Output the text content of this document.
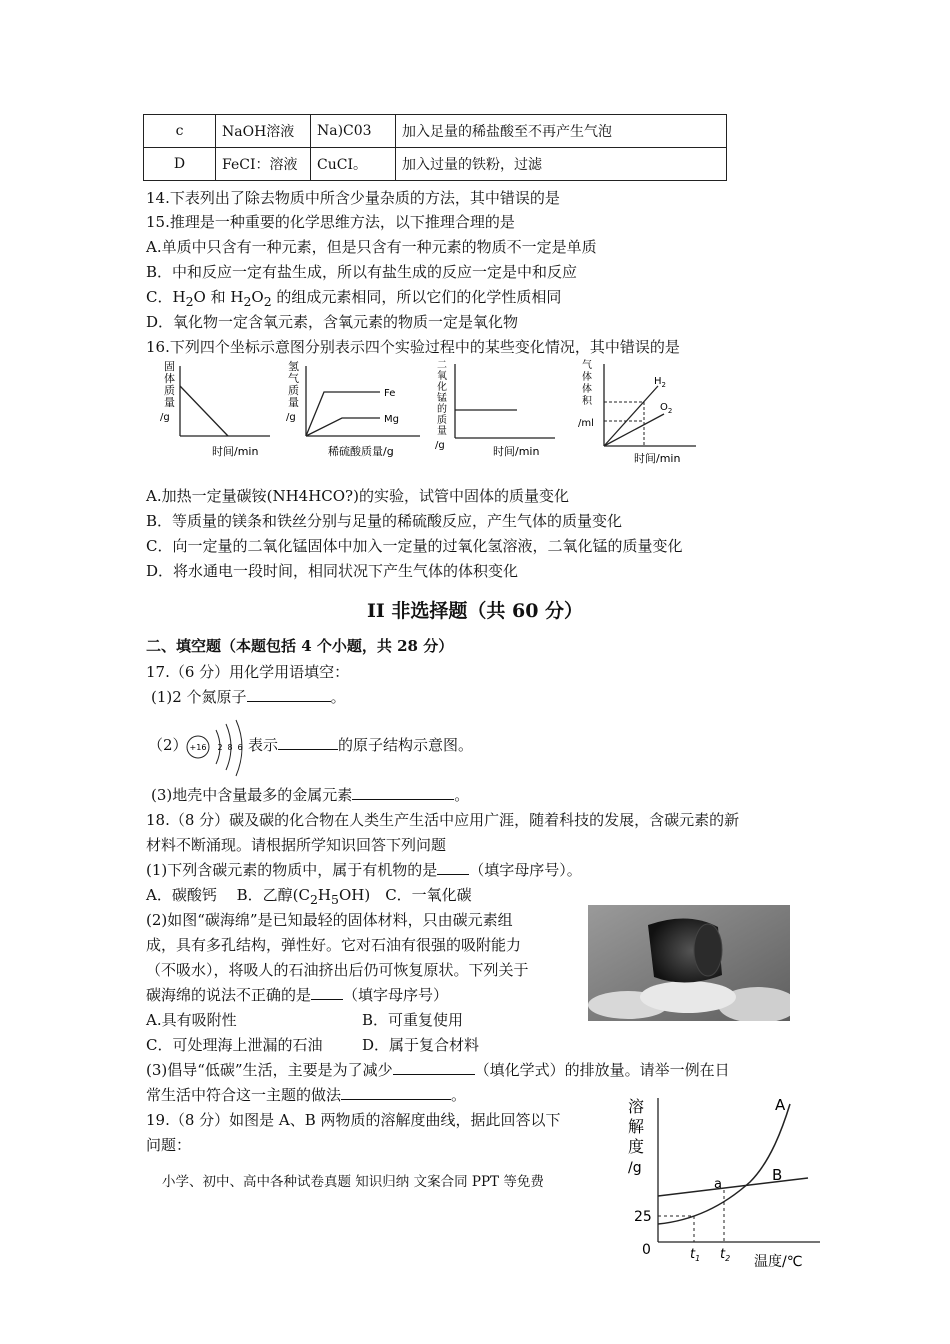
c	NaOH溶液	Na)C03	加入足量的稀盐酸至不再产生气泡
D	FeCI：溶液	CuCI。	加入过量的铁粉，过滤
14.下表列出了除去物质中所含少量杂质的方法，其中错误的是
15.推理是一种重要的化学思维方法，以下推理合理的是
A.单质中只含有一种元素，但是只含有一种元素的物质不一定是单质
B．中和反应一定有盐生成，所以有盐生成的反应一定是中和反应
C．$H_2O$ 和 $H_2O_2$ 的组成元素相同，所以它们的化学性质相同
D．氧化物一定含氧元素，含氧元素的物质一定是氧化物
16.下列四个坐标示意图分别表示四个实验过程中的某些变化情况，其中错误的是
固
体
质
量
/g
时间/min
氢
气
质
量
/g
Fe
Mg
稀硫酸质量/g
二
氧
化
锰
的
质
量
/g	时间/min
气
体
体
积
/ml
$H_2$
$O_2$
时间/min
A.加热一定量碳铵(NH4HCO?)的实验，试管中固体的质量变化
B．等质量的镁条和铁丝分别与足量的稀硫酸反应，产生气体的质量变化
C．向一定量的二氧化锰固体中加入一定量的过氧化氢溶液，二氧化锰的质量变化
D．将水通电一段时间，相同状况下产生气体的体积变化
II 非选择题（共 60 分）
二、填空题（本题包括 4 个小题，共 28 分）
17.（6 分）用化学用语填空：
(1)2 个氮原子	。
（2） +16 2 8 6 表示	的原子结构示意图。
(3)地壳中含量最多的金属元素	。
18.（8 分）碳及碳的化合物在人类生产生活中应用广涯，随着科技的发展，含碳元素的新
材料不断涌现。请根据所学知识回答下列问题
(1)下列含碳元素的物质中，属于有机物的是 （填字母序号）。
A．碳酸钙　 B．乙醇$(C_2H_5OH)$　C．一氧化碳
(2)如图“碳海绵”是已知最轻的固体材料，只由碳元素组
成，具有多孔结构，弹性好。它对石油有很强的吸附能力
（不吸水），将吸人的石油挤出后仍可恢复原状。下列关于
碳海绵的说法不正确的是 （填字母序号）
A.具有吸附性	B．可重复使用
C．可处理海上泄漏的石油	D．属于复合材料
(3)倡导“低碳”生活，主要是为了减少	（填化学式）的排放量。请举一例在日
常生活中符合这一主题的做法	。
19.（8 分）如图是 A、B 两物质的溶解度曲线，据此回答以下
问题：
小学、初中、高中各种试卷真题 知识归纳 文案合同 PPT 等免费
溶
解
度
/g
A
B
a
25
0	$t_1$ $t_2$ 温度/℃
